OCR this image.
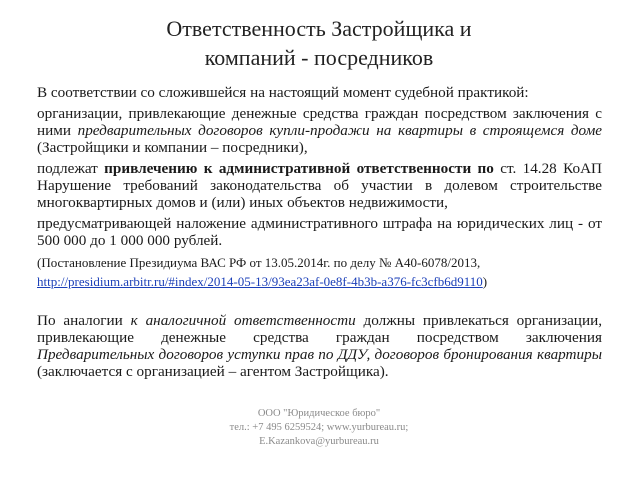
Ответственность Застройщика и
компаний - посредников

В соответствии со сложившейся на настоящий момент судебной практикой:

организации, привлекающие денежные средства граждан посредством заключения с ними предварительных договоров купли-продажи на квартиры в строящемся доме (Застройщики и компании – посредники),

подлежат привлечению к административной ответственности по ст. 14.28 КоАП Нарушение требований законодательства об участии в долевом строительстве многоквартирных домов и (или) иных объектов недвижимости,

предусматривающей наложение административного штрафа на юридических лиц - от 500 000 до 1 000 000 рублей.

(Постановление Президиума ВАС РФ от 13.05.2014г. по делу № А40-6078/2013,
http://presidium.arbitr.ru/#index/2014-05-13/93ea23af-0e8f-4b3b-a376-fc3cfb6d9110)

По аналогии к аналогичной ответственности должны привлекаться организации, привлекающие денежные средства граждан посредством заключения Предварительных договоров уступки прав по ДДУ, договоров бронирования квартиры (заключается с организацией – агентом Застройщика).

ООО "Юридическое бюро"
тел.: +7 495 6259524; www.yurbureau.ru;
E.Kazankova@yurbureau.ru
